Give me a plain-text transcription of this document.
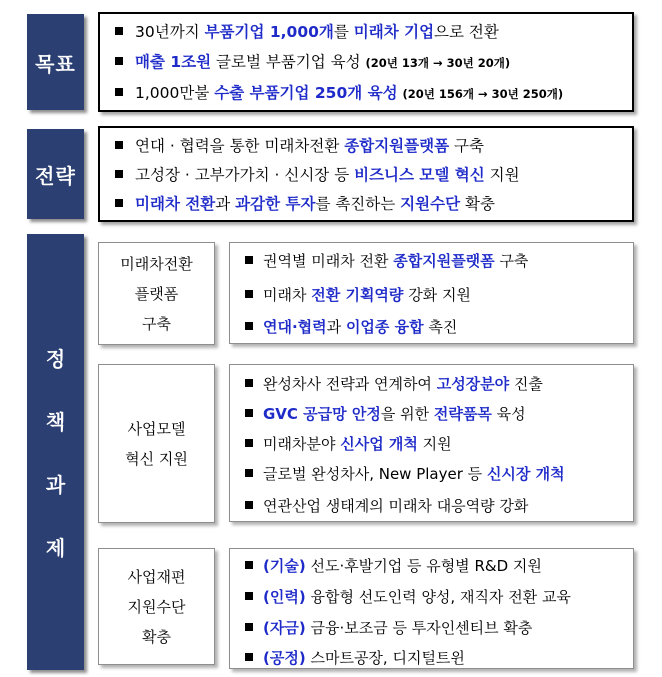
목표
30년까지 부품기업 1,000개를 미래차 기업으로 전환
매출 1조원 글로벌 부품기업 육성 (20년 13개 → 30년 20개)
1,000만불 수출 부품기업 250개 육성 (20년 156개 → 30년 250개)
전략
연대 · 협력을 통한 미래차전환 종합지원플랫폼 구축
고성장 · 고부가가치 · 신시장 등 비즈니스 모델 혁신 지원
미래차 전환과 과감한 투자를 촉진하는 지원수단 확충
정
책
과
제
미래차전환
플랫폼
구축
권역별 미래차 전환 종합지원플랫폼 구축
미래차 전환 기획역량 강화 지원
연대·협력과 이업종 융합 촉진
사업모델
혁신 지원
완성차사 전략과 연계하여 고성장분야 진출
GVC 공급망 안정을 위한 전략품목 육성
미래차분야 신사업 개척 지원
글로벌 완성차사, New Player 등 신시장 개척
연관산업 생태계의 미래차 대응역량 강화
사업재편
지원수단
확충
(기술) 선도·후발기업 등 유형별 R&D 지원
(인력) 융합형 선도인력 양성, 재직자 전환 교육
(자금) 금융·보조금 등 투자인센티브 확충
(공정) 스마트공장, 디지털트윈
